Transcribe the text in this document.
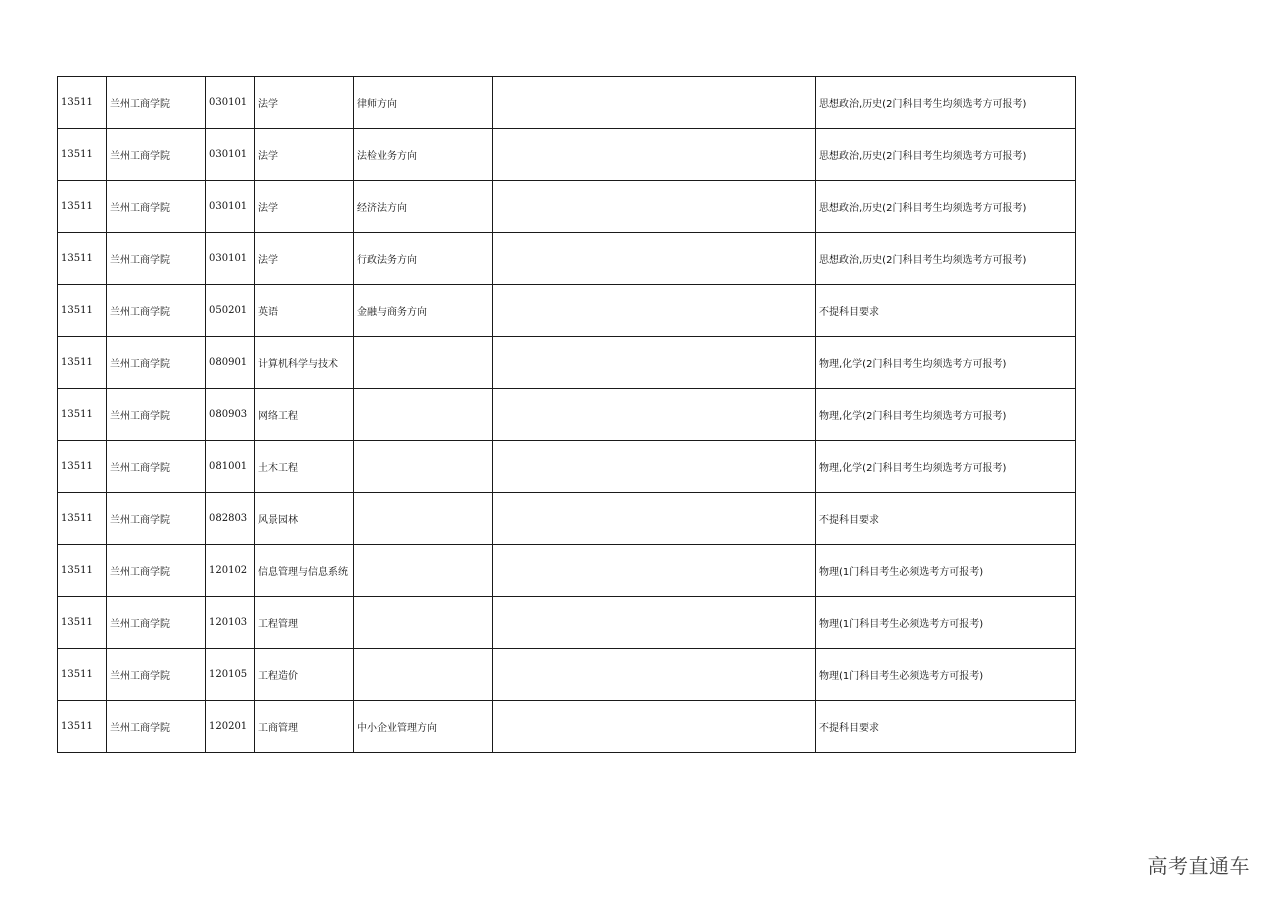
13511	兰州工商学院	030101	法学	律师方向		思想政治,历史(2门科目考生均须选考方可报考)
13511	兰州工商学院	030101	法学	法检业务方向		思想政治,历史(2门科目考生均须选考方可报考)
13511	兰州工商学院	030101	法学	经济法方向		思想政治,历史(2门科目考生均须选考方可报考)
13511	兰州工商学院	030101	法学	行政法务方向		思想政治,历史(2门科目考生均须选考方可报考)
13511	兰州工商学院	050201	英语	金融与商务方向		不提科目要求
13511	兰州工商学院	080901	计算机科学与技术			物理,化学(2门科目考生均须选考方可报考)
13511	兰州工商学院	080903	网络工程			物理,化学(2门科目考生均须选考方可报考)
13511	兰州工商学院	081001	土木工程			物理,化学(2门科目考生均须选考方可报考)
13511	兰州工商学院	082803	风景园林			不提科目要求
13511	兰州工商学院	120102	信息管理与信息系统			物理(1门科目考生必须选考方可报考)
13511	兰州工商学院	120103	工程管理			物理(1门科目考生必须选考方可报考)
13511	兰州工商学院	120105	工程造价			物理(1门科目考生必须选考方可报考)
13511	兰州工商学院	120201	工商管理	中小企业管理方向		不提科目要求
高考直通车
